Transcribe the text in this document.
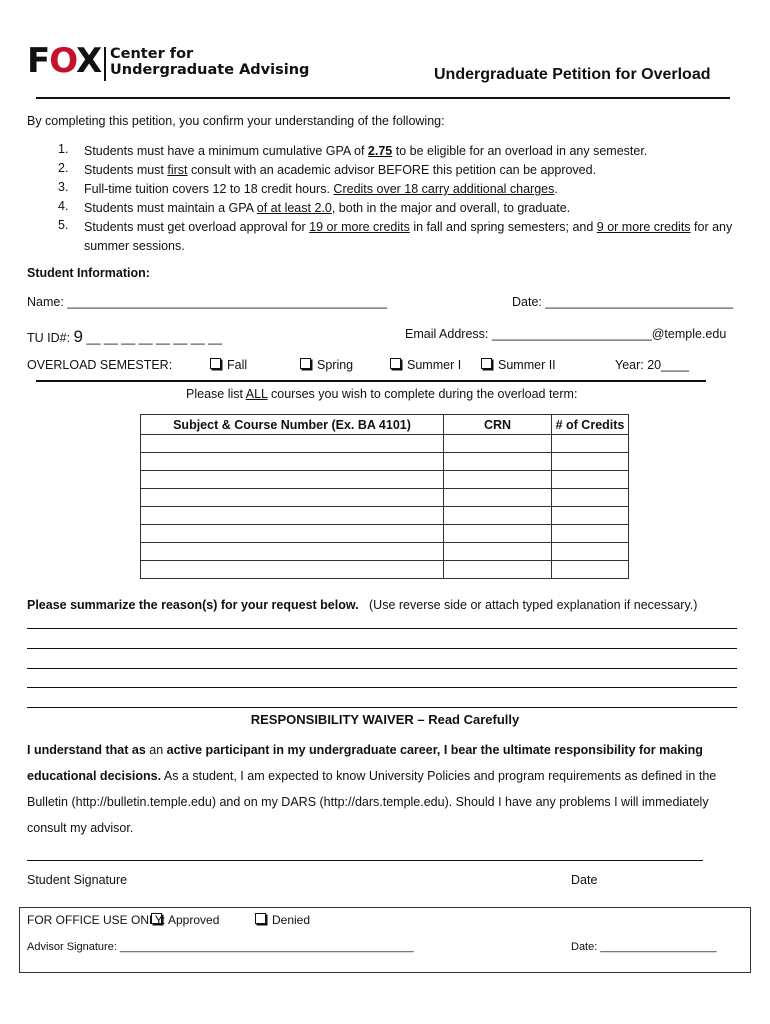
FOX Center for
Undergraduate Advising	Undergraduate Petition for Overload
By completing this petition, you confirm your understanding of the following:
1. Students must have a minimum cumulative GPA of 2.75 to be eligible for an overload in any semester.
2. Students must first consult with an academic advisor BEFORE this petition can be approved.
3. Full-time tuition covers 12 to 18 credit hours. Credits over 18 carry additional charges.
4. Students must maintain a GPA of at least 2.0, both in the major and overall, to graduate.
5. Students must get overload approval for 19 or more credits in fall and spring semesters; and 9 or more credits for any summer sessions.
Student Information:
Name: ______________________________________________	Date: ___________________________
TU ID#: 9 __ __ __ __ __ __ __ __	Email Address: _______________________@temple.edu
OVERLOAD SEMESTER:	Fall	Spring	Summer I	Summer II	Year: 20____
Please list ALL courses you wish to complete during the overload term:
Subject & Course Number (Ex. BA 4101)	CRN	# of Credits

Please summarize the reason(s) for your request below. (Use reverse side or attach typed explanation if necessary.)
RESPONSIBILITY WAIVER – Read Carefully

I understand that as an active participant in my undergraduate career, I bear the ultimate responsibility for making educational decisions. As a student, I am expected to know University Policies and program requirements as defined in the Bulletin (http://bulletin.temple.edu) and on my DARS (http://dars.temple.edu). Should I have any problems I will immediately consult my advisor.

Student Signature	Date
FOR OFFICE USE ONLY: Approved	Denied
Advisor Signature: ________________________________________________	Date: ___________________
